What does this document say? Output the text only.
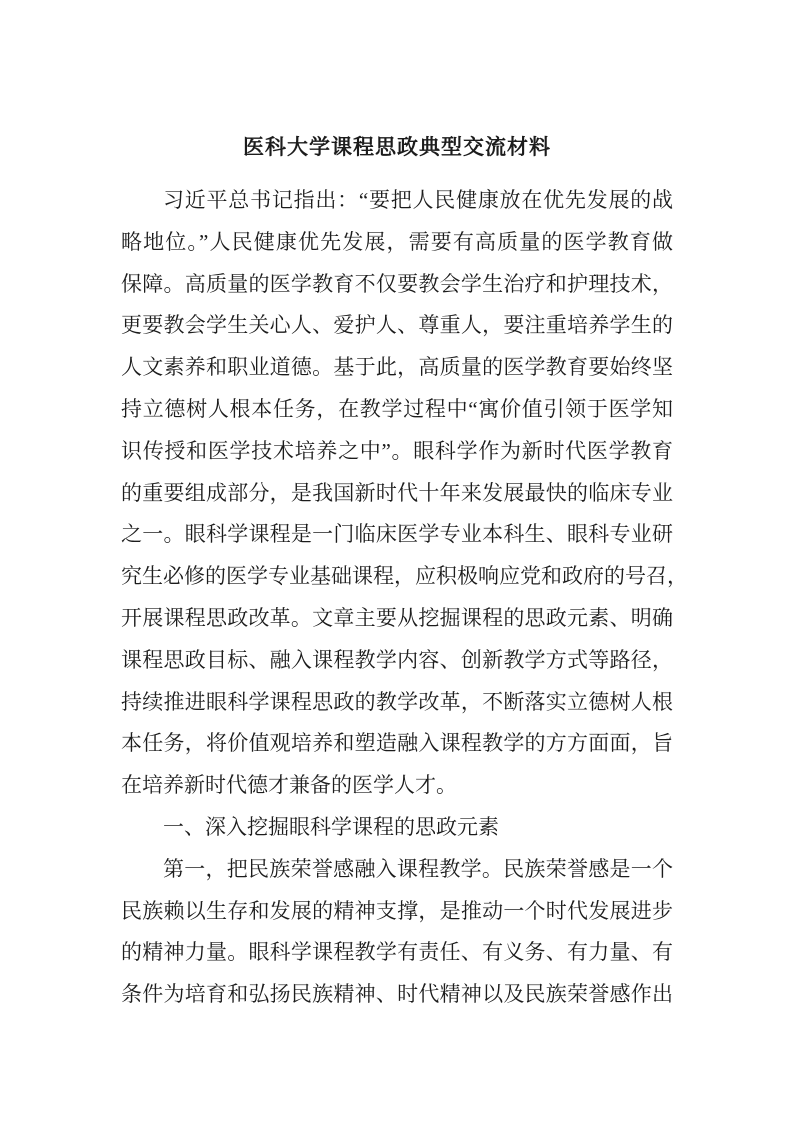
医科大学课程思政典型交流材料
习近平总书记指出：“要把人民健康放在优先发展的战
略地位。”人民健康优先发展，需要有高质量的医学教育做
保障。高质量的医学教育不仅要教会学生治疗和护理技术，
更要教会学生关心人、爱护人、尊重人，要注重培养学生的
人文素养和职业道德。基于此，高质量的医学教育要始终坚
持立德树人根本任务，在教学过程中“寓价值引领于医学知
识传授和医学技术培养之中”。眼科学作为新时代医学教育
的重要组成部分，是我国新时代十年来发展最快的临床专业
之一。眼科学课程是一门临床医学专业本科生、眼科专业研
究生必修的医学专业基础课程，应积极响应党和政府的号召，
开展课程思政改革。文章主要从挖掘课程的思政元素、明确
课程思政目标、融入课程教学内容、创新教学方式等路径，
持续推进眼科学课程思政的教学改革，不断落实立德树人根
本任务，将价值观培养和塑造融入课程教学的方方面面，旨
在培养新时代德才兼备的医学人才。
一、深入挖掘眼科学课程的思政元素
第一，把民族荣誉感融入课程教学。民族荣誉感是一个
民族赖以生存和发展的精神支撑，是推动一个时代发展进步
的精神力量。眼科学课程教学有责任、有义务、有力量、有
条件为培育和弘扬民族精神、时代精神以及民族荣誉感作出
